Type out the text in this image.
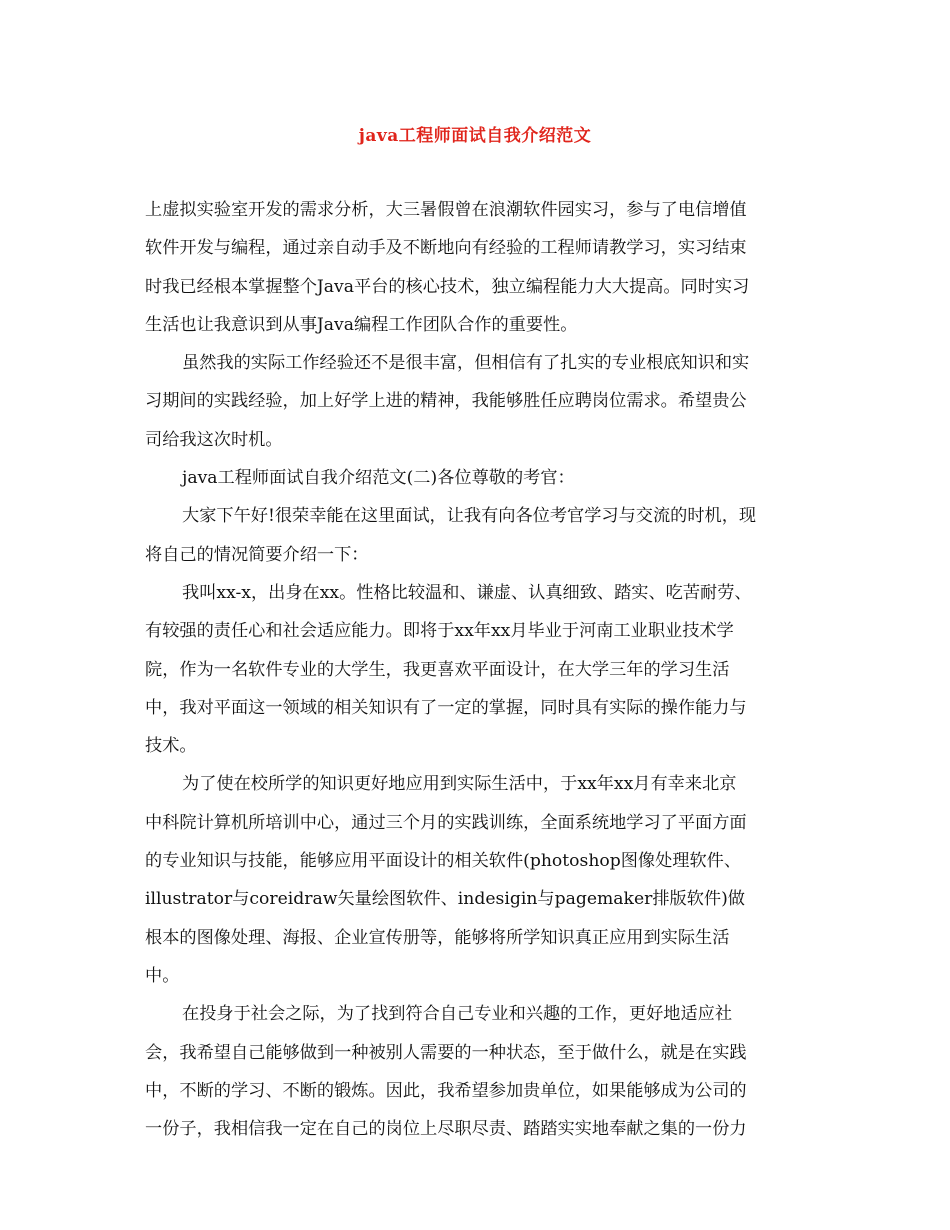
java工程师面试自我介绍范文
上虚拟实验室开发的需求分析，大三暑假曾在浪潮软件园实习，参与了电信增值
软件开发与编程，通过亲自动手及不断地向有经验的工程师请教学习，实习结束
时我已经根本掌握整个Java平台的核心技术，独立编程能力大大提高。同时实习
生活也让我意识到从事Java编程工作团队合作的重要性。
虽然我的实际工作经验还不是很丰富，但相信有了扎实的专业根底知识和实
习期间的实践经验，加上好学上进的精神，我能够胜任应聘岗位需求。希望贵公
司给我这次时机。
java工程师面试自我介绍范文(二)各位尊敬的考官：
大家下午好!很荣幸能在这里面试，让我有向各位考官学习与交流的时机，现
将自己的情况简要介绍一下：
我叫xx-x，出身在xx。性格比较温和、谦虚、认真细致、踏实、吃苦耐劳、
有较强的责任心和社会适应能力。即将于xx年xx月毕业于河南工业职业技术学
院，作为一名软件专业的大学生，我更喜欢平面设计，在大学三年的学习生活
中，我对平面这一领域的相关知识有了一定的掌握，同时具有实际的操作能力与
技术。
为了使在校所学的知识更好地应用到实际生活中，于xx年xx月有幸来北京
中科院计算机所培训中心，通过三个月的实践训练，全面系统地学习了平面方面
的专业知识与技能，能够应用平面设计的相关软件(photoshop图像处理软件、
illustrator与coreidraw矢量绘图软件、indesigin与pagemaker排版软件)做
根本的图像处理、海报、企业宣传册等，能够将所学知识真正应用到实际生活
中。
在投身于社会之际，为了找到符合自己专业和兴趣的工作，更好地适应社
会，我希望自己能够做到一种被别人需要的一种状态，至于做什么，就是在实践
中，不断的学习、不断的锻炼。因此，我希望参加贵单位，如果能够成为公司的
一份子，我相信我一定在自己的岗位上尽职尽责、踏踏实实地奉献之集的一份力
